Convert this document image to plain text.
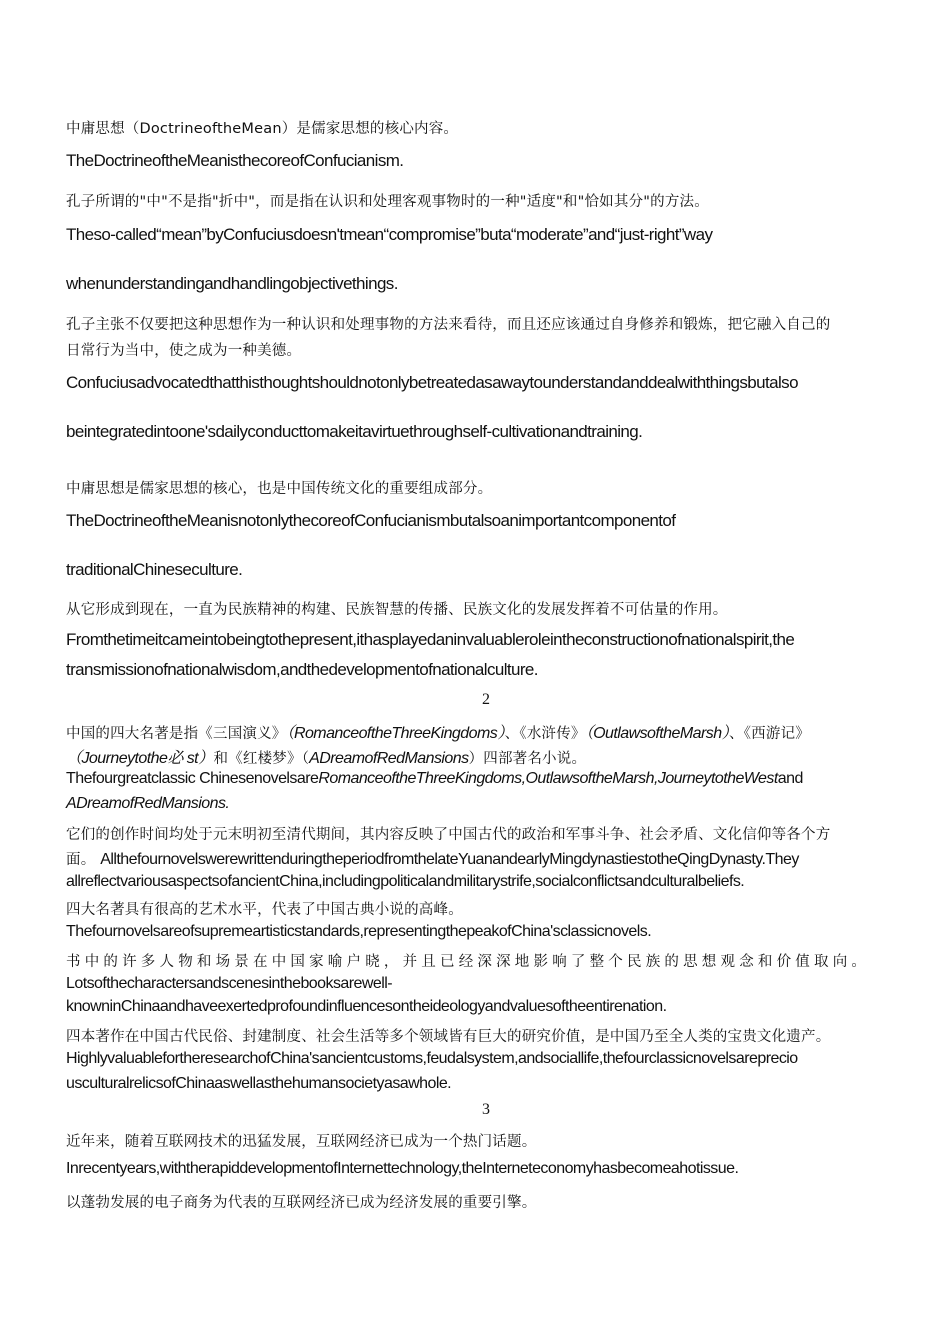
中庸思想（DoctrineoftheMean）是儒家思想的核心内容。
TheDoctrineoftheMeanisthecoreofConfucianism.
孔子所谓的"中"不是指"折中"，而是指在认识和处理客观事物时的一种"适度"和"恰如其分"的方法。
Theso-called“mean”byConfuciusdoesn'tmean“compromise”buta“moderate”and“just-right”way
whenunderstandingandhandlingobjectivethings.
孔子主张不仅要把这种思想作为一种认识和处理事物的方法来看待，而且还应该通过自身修养和锻炼，把它融入自己的
日常行为当中，使之成为一种美德。
Confuciusadvocatedthatthisthoughtshouldnotonlybetreatedasawaytounderstandanddealwiththingsbutalso
beintegratedintoone'sdailyconducttomakeitavirtuethroughself-cultivationandtraining.
中庸思想是儒家思想的核心，也是中国传统文化的重要组成部分。
TheDoctrineoftheMeanisnotonlythecoreofConfucianismbutalsoanimportantcomponentof
traditionalChineseculture.
从它形成到现在，一直为民族精神的构建、民族智慧的传播、民族文化的发展发挥着不可估量的作用。
Fromthetimeitcameintobeingtothepresent,ithasplayedaninvaluableroleintheconstructionofnationalspirit,the
transmissionofnationalwisdom,andthedevelopmentofnationalculture.
2
中国的四大名著是指《三国演义》（RomanceoftheThreeKingdoms）、《水浒传》（OutlawsoftheMarsh）、《西游记》
（Journeytothe必 st）和《红楼梦》（ADreamofRedMansions）四部著名小说。
Thefourgreatclassic ChinesenovelsareRomanceoftheThreeKingdoms,OutlawsoftheMarsh,JourneytotheWestand
ADreamofRedMansions.
它们的创作时间均处于元末明初至清代期间，其内容反映了中国古代的政治和军事斗争、社会矛盾、文化信仰等各个方
面。 AllthefournovelswerewrittenduringtheperiodfromthelateYuanandearlyMingdynastiestotheQingDynasty.They
allreflectvariousaspectsofancientChina,includingpoliticalandmilitarystrife,socialconflictsandculturalbeliefs.
四大名著具有很高的艺术水平，代表了中国古典小说的高峰。
Thefournovelsareofsupremeartisticstandards,representingthepeakofChina'sclassicnovels.
书中的许多人物和场景在中国家喻户晓，并且已经深深地影响了整个民族的思想观念和价值取向。
Lotsofthecharactersandscenesinthebooksarewell-
knowninChinaandhaveexertedprofoundinfluencesontheideologyandvaluesoftheentirenation.
四本著作在中国古代民俗、封建制度、社会生活等多个领域皆有巨大的研究价值，是中国乃至全人类的宝贵文化遗产。
HighlyvaluablefortheresearchofChina'sancientcustoms,feudalsystem,andsociallife,thefourclassicnovelsareprecio
usculturalrelicsofChinaaswellasthehumansocietyasawhole.
3
近年来，随着互联网技术的迅猛发展，互联网经济已成为一个热门话题。
Inrecentyears,withtherapiddevelopmentofInternettechnology,theInterneteconomyhasbecomeahotissue.
以蓬勃发展的电子商务为代表的互联网经济已成为经济发展的重要引擎。
